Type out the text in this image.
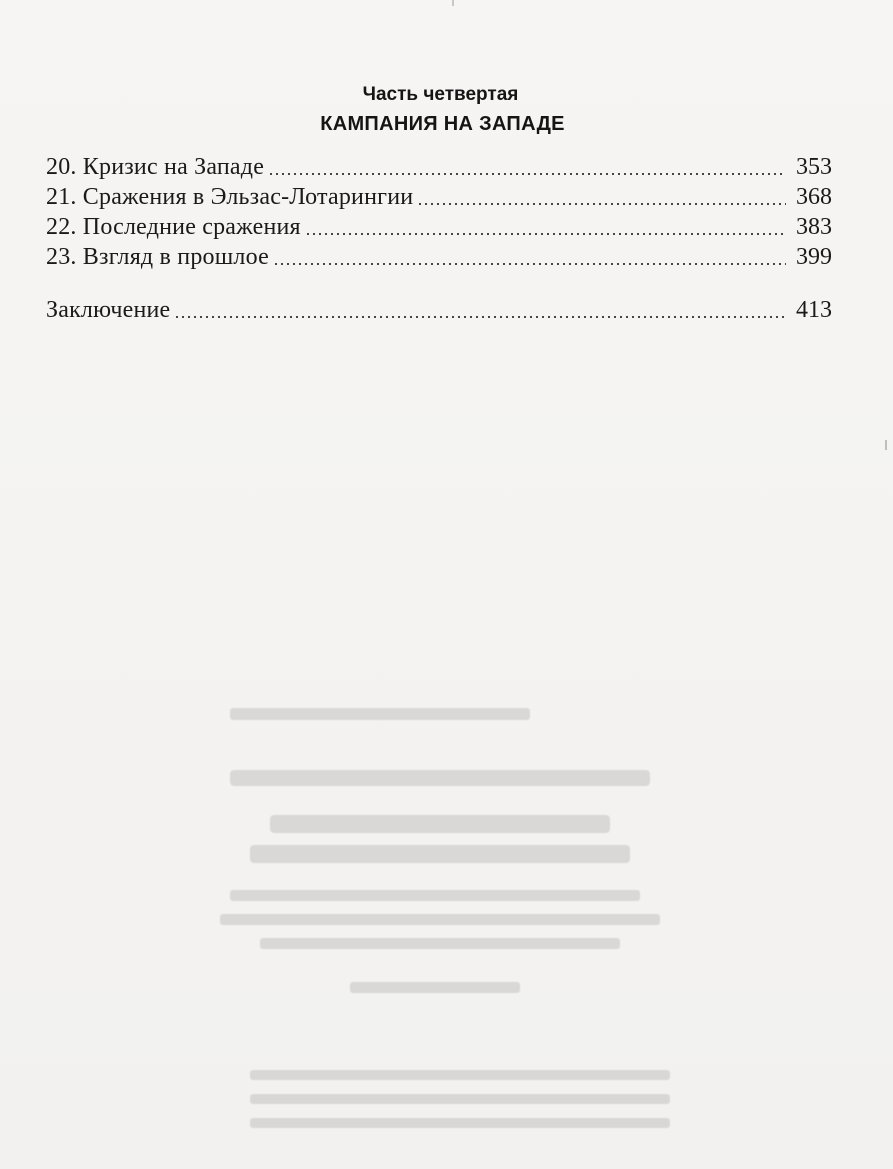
Часть четвертая
КАМПАНИЯ НА ЗАПАДЕ
20. Кризис на Западе	353
21. Сражения в Эльзас-Лотарингии	368
22. Последние сражения	383
23. Взгляд в прошлое	399
Заключение	413
